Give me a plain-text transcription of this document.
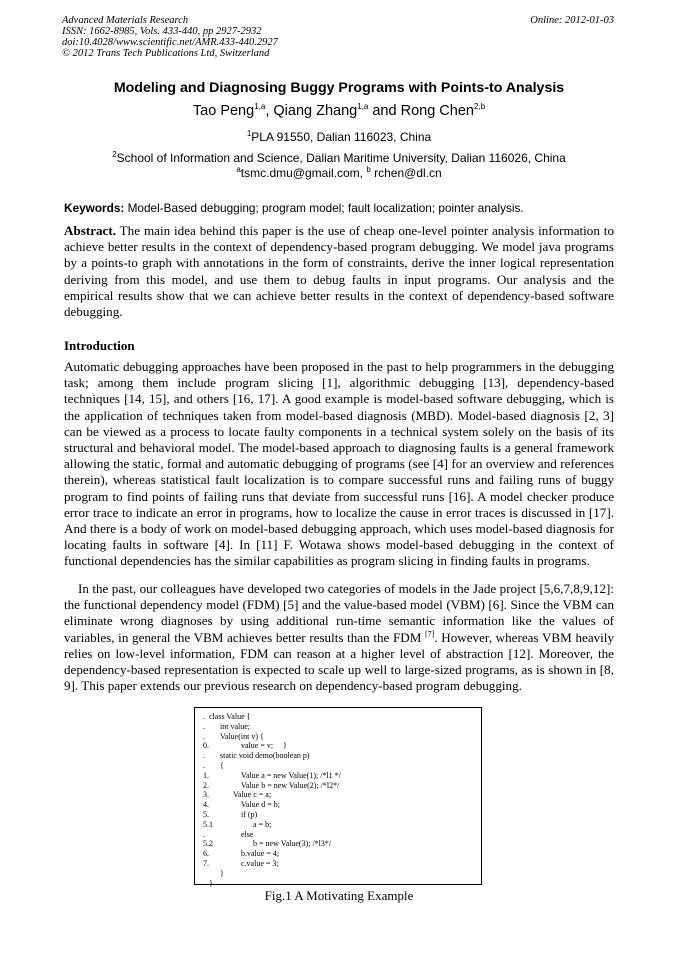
Advanced Materials Research
ISSN: 1662-8985, Vols. 433-440, pp 2927-2932
doi:10.4028/www.scientific.net/AMR.433-440.2927
© 2012 Trans Tech Publications Ltd, Switzerland
Online: 2012-01-03
Modeling and Diagnosing Buggy Programs with Points-to Analysis
Tao Peng$^{1,a}$, Qiang Zhang$^{1,a}$ and Rong Chen$^{2,b}$
$^1$PLA 91550, Dalian 116023, China
$^2$School of Information and Science, Dalian Maritime University, Dalian 116026, China
$^a$tsmc.dmu@gmail.com, $^b$ rchen@dl.cn
Keywords: Model-Based debugging; program model; fault localization; pointer analysis.
Abstract. The main idea behind this paper is the use of cheap one-level pointer analysis information to achieve better results in the context of dependency-based program debugging. We model java programs by a points-to graph with annotations in the form of constraints, derive the inner logical representation deriving from this model, and use them to debug faults in input programs. Our analysis and the empirical results show that we can achieve better results in the context of dependency-based software debugging.
Introduction
Automatic debugging approaches have been proposed in the past to help programmers in the debugging task; among them include program slicing [1], algorithmic debugging [13], dependency-based techniques [14, 15], and others [16, 17]. A good example is model-based software debugging, which is the application of techniques taken from model-based diagnosis (MBD). Model-based diagnosis [2, 3] can be viewed as a process to locate faulty components in a technical system solely on the basis of its structural and behavioral model. The model-based approach to diagnosing faults is a general framework allowing the static, formal and automatic debugging of programs (see [4] for an overview and references therein), whereas statistical fault localization is to compare successful runs and failing runs of buggy program to find points of failing runs that deviate from successful runs [16]. A model checker produce error trace to indicate an error in programs, how to localize the cause in error traces is discussed in [17]. And there is a body of work on model-based debugging approach, which uses model-based diagnosis for locating faults in software [4]. In [11] F. Wotawa shows model-based debugging in the context of functional dependencies has the similar capabilities as program slicing in finding faults in programs.
In the past, our colleagues have developed two categories of models in the Jade project [5,6,7,8,9,12]: the functional dependency model (FDM) [5] and the value-based model (VBM) [6]. Since the VBM can eliminate wrong diagnoses by using additional run-time semantic information like the values of variables, in general the VBM achieves better results than the FDM [7]. However, whereas VBM heavily relies on low-level information, FDM can reason at a higher level of abstraction [12]. Moreover, the dependency-based representation is expected to scale up well to large-sized programs, as is shown in [8, 9]. This paper extends our previous research on dependency-based program debugging.
. class Value {
.	int value;
.	Value(int v) {
0.	value = v;     }
.	static void demo(boolean p)
.	{
1.	Value a = new Value(1); /*l1 */
2.	Value b = new Value(2); /*l2*/
3.	Value c = a;
4.	Value d = b;
5.	if (p)
5.1	a = b;
.	else
5.2	b = new Value(3); /*l3*/
6.	b.value = 4;
7.	c.value = 3;
}
}
Fig.1 A Motivating Example
